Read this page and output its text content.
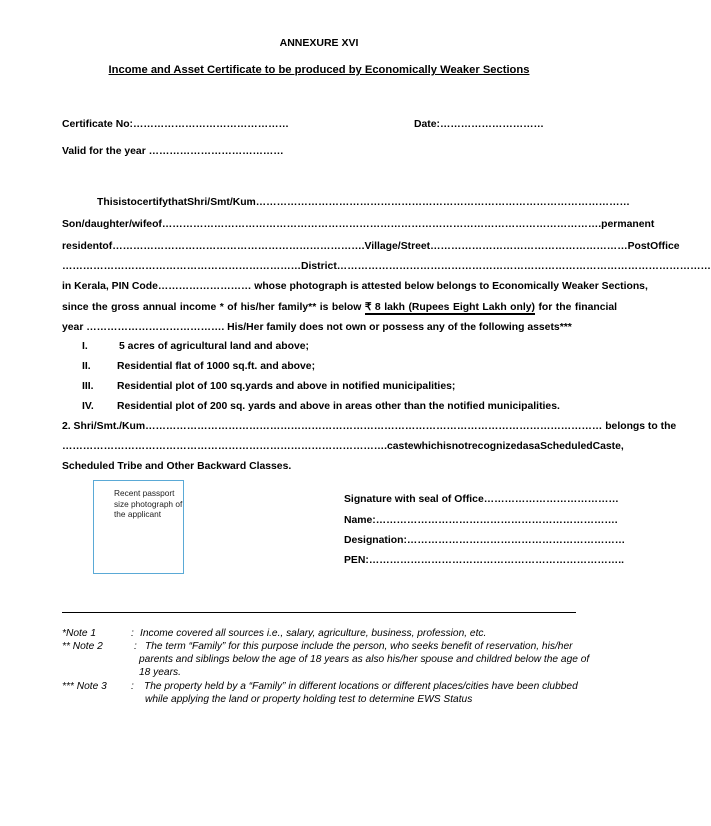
ANNEXURE XVI
Income and Asset Certificate to be produced by Economically Weaker Sections
Certificate No:………………………………………	Date:…………………………
Valid for the year …………………………………
This is to certify that Shri/Smt/Kum………………………………………………………………………………………………
Son/daughter/wife of ………………………………………………………………………………………………………………. permanent
resident of ………………………………………………………………. Village/Street ………………………………………………… Post Office
…………………………………………………………… District ………………………………………………………………………………………………
in Kerala, PIN Code……………………… whose photograph is attested below belongs to Economically Weaker Sections,
since the gross annual income * of his/her family** is below ₹ 8 lakh (Rupees Eight Lakh only) for the financial
year …………………………………. His/Her family does not own or possess any of the following assets***
I.	5 acres of agricultural land and above;
II.	Residential flat of 1000 sq.ft. and above;
III. Residential plot of 100 sq.yards and above in notified municipalities;
IV. Residential plot of 200 sq. yards and above in areas other than the notified municipalities.
2. Shri/Smt./Kum…………………………………………………………………………………………………………………… belongs to the
………………………………………………………………………………….caste which is not recognized as a Scheduled Caste,
Scheduled Tribe and Other Backward Classes.
Recent passport size photograph of the applicant
Signature with seal of Office…………………………………
Name:…………………………………………………………….
Designation:………………………………………………………
PEN:………………………………………………………………..
*Note 1	: Income covered all sources i.e., salary, agriculture, business, profession, etc.
** Note 2	: The term “Family” for this purpose include the person, who seeks benefit of reservation, his/her
parents and siblings below the age of 18 years as also his/her spouse and childred below the age of
18 years.
*** Note 3 : The property held by a “Family” in different locations or different places/cities have been clubbed
while applying the land or property holding test to determine EWS Status
